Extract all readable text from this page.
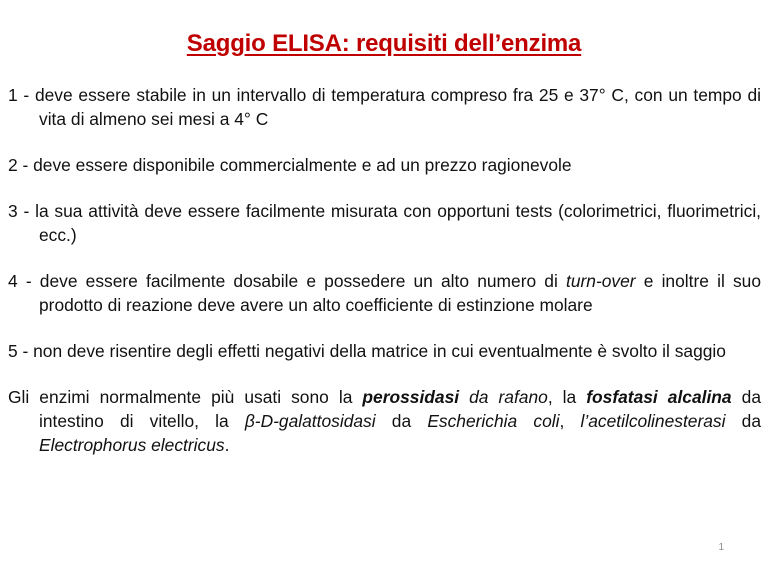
Saggio ELISA: requisiti dell’enzima

1 - deve essere stabile in un intervallo di temperatura compreso fra 25 e 37° C, con un tempo di vita di almeno sei mesi a 4° C

2 - deve essere disponibile commercialmente e ad un prezzo ragionevole

3 - la sua attività deve essere facilmente misurata con opportuni tests (colorimetrici, fluorimetrici, ecc.)

4 - deve essere facilmente dosabile e possedere un alto numero di turn-over e inoltre il suo prodotto di reazione deve avere un alto coefficiente di estinzione molare

5 - non deve risentire degli effetti negativi della matrice in cui eventualmente è svolto il saggio

Gli enzimi normalmente più usati sono la perossidasi da rafano, la fosfatasi alcalina da intestino di vitello, la β-D-galattosidasi da Escherichia coli, l’acetilcolinesterasi da Electrophorus electricus.

1
